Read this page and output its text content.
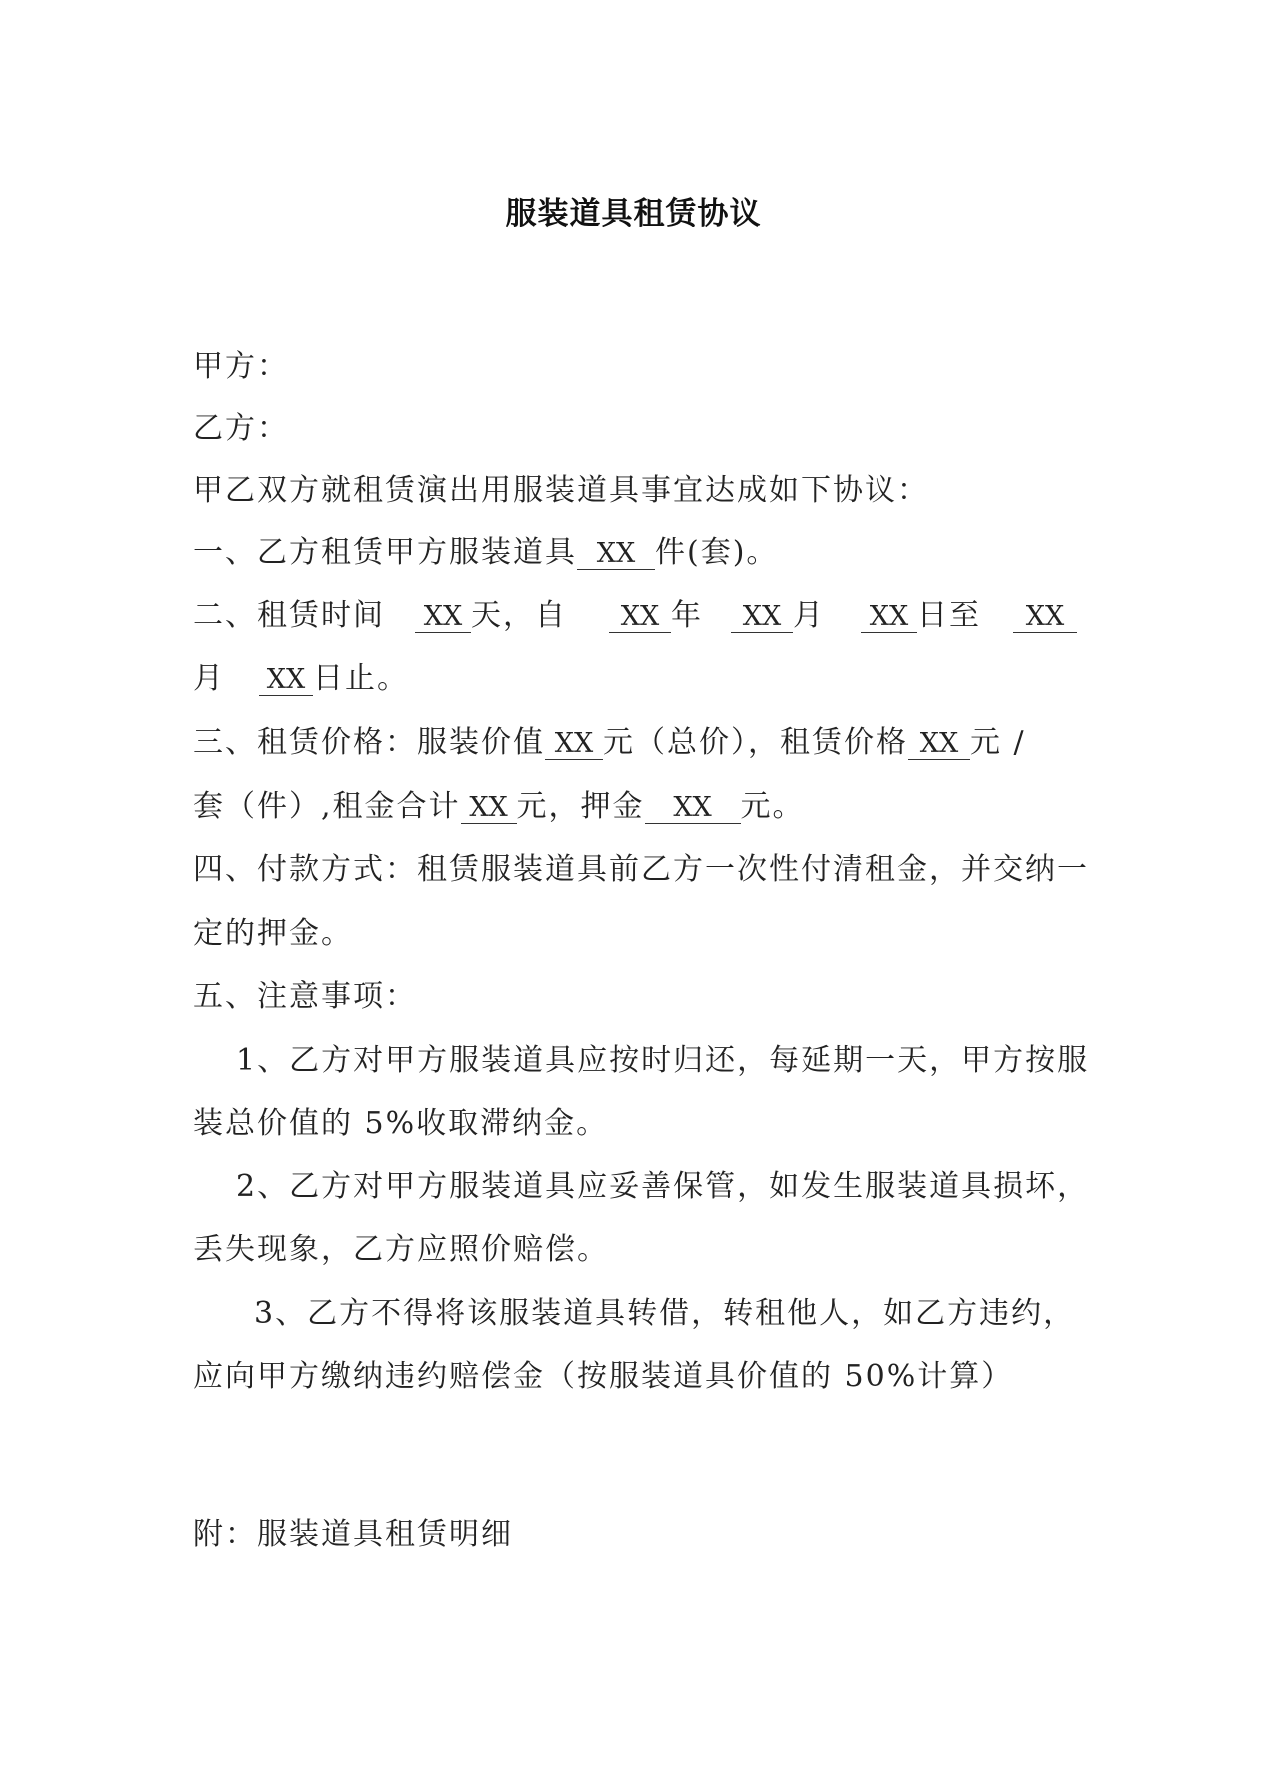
服装道具租赁协议
甲方：
乙方：
甲乙双方就租赁演出用服装道具事宜达成如下协议：
一、乙方租赁甲方服装道具 XX 件(套)。
二、租赁时间 XX 天，自 XX 年 XX 月 XX 日至 XX
月 XX 日止。
三、租赁价格：服装价值 XX 元（总价），租赁价格 XX 元 /
套（件）,租金合计 XX 元，押金 XX 元。
四、付款方式：租赁服装道具前乙方一次性付清租金，并交纳一
定的押金。
五、注意事项：
1、乙方对甲方服装道具应按时归还，每延期一天，甲方按服
装总价值的 5%收取滞纳金。
2、乙方对甲方服装道具应妥善保管，如发生服装道具损坏，
丢失现象，乙方应照价赔偿。
3、乙方不得将该服装道具转借，转租他人，如乙方违约，
应向甲方缴纳违约赔偿金（按服装道具价值的 50%计算）
附：服装道具租赁明细
